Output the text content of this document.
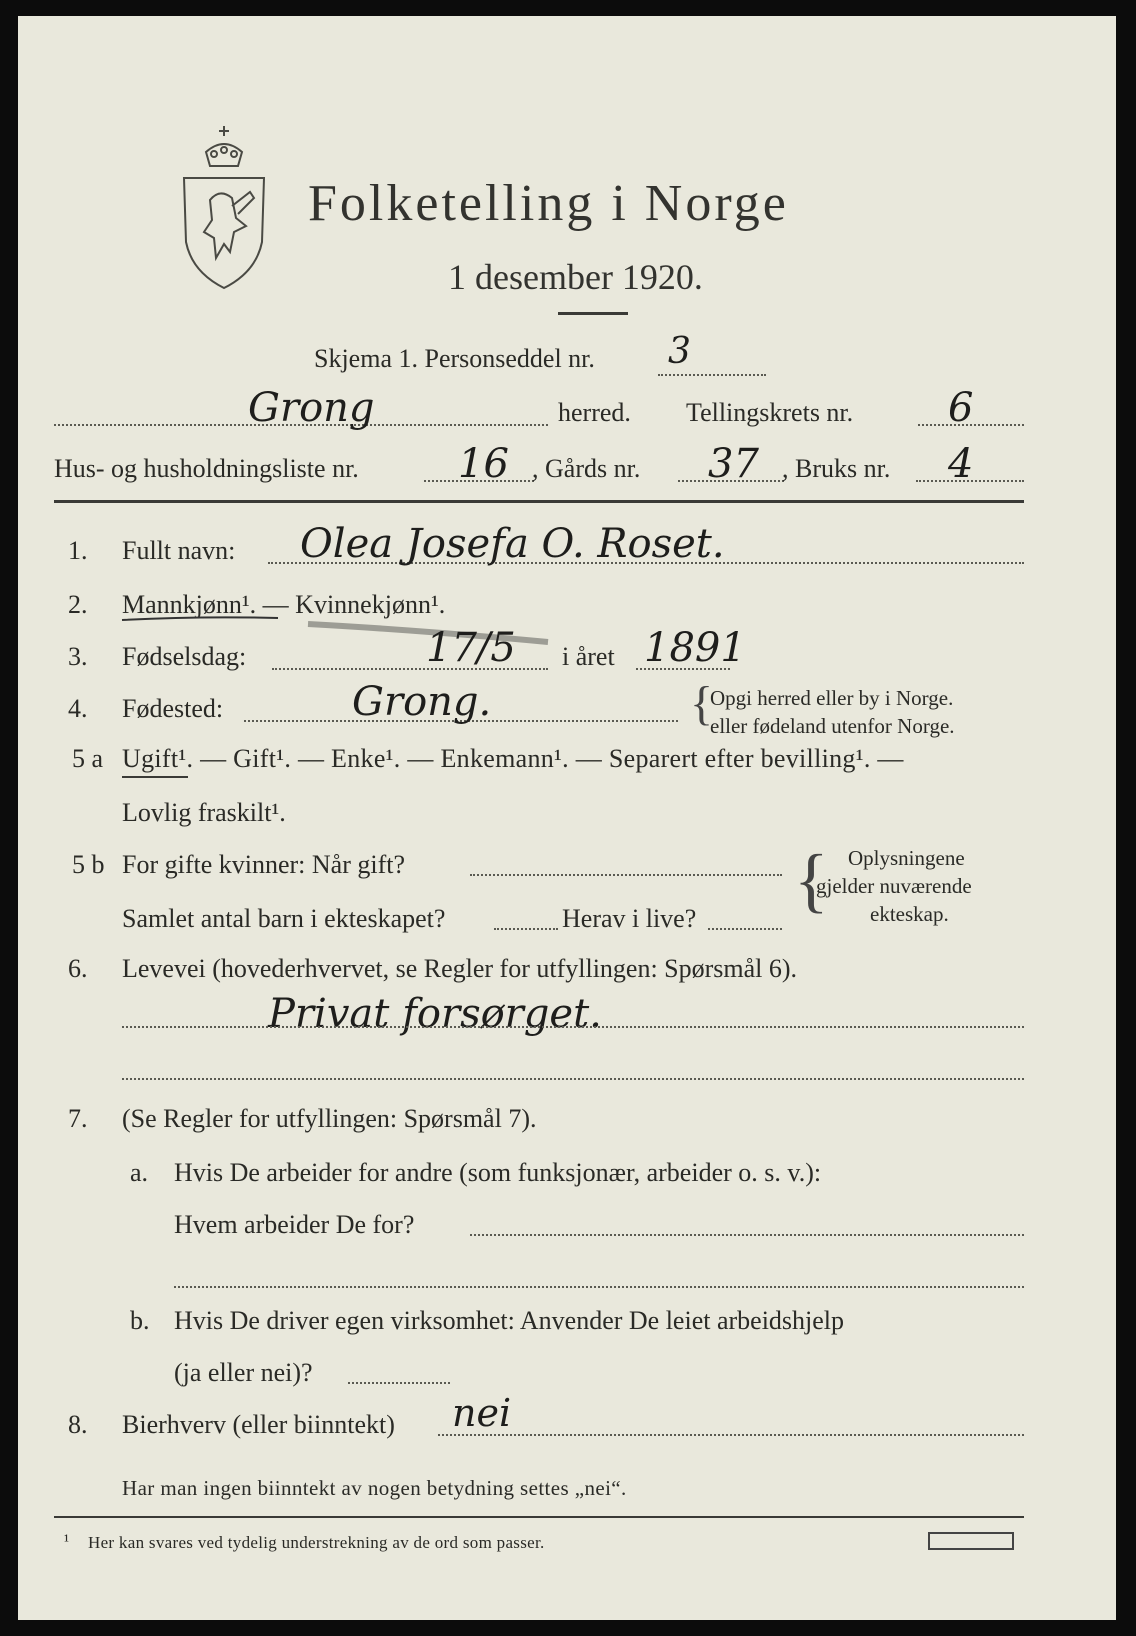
Folketelling i Norge
1 desember 1920.
Skjema 1. Personseddel nr. 3
Grong	herred. Tellingskrets nr. 6
Hus- og husholdningsliste nr. 16 , Gårds nr. 37 , Bruks nr. 4
1. Fullt navn: Olea Josefa O. Roset.
2. Mannkjønn¹. — Kvinnekjønn¹.
3. Fødselsdag:	17/5 i året 1891
4. Fødested:	Grong.	{
Opgi herred eller by i Norge.
eller fødeland utenfor Norge.
5 a Ugift¹. — Gift¹. — Enke¹. — Enkemann¹. — Separert efter bevilling¹. —
Lovlig fraskilt¹.
5 b For gifte kvinner: Når gift?
Samlet antal barn i ekteskapet?	Herav i live? { Oplysningene
gjelder nuværende
ekteskap.
6. Levevei (hovederhvervet, se Regler for utfyllingen: Spørsmål 6).
Privat forsørget.
7. (Se Regler for utfyllingen: Spørsmål 7).
a. Hvis De arbeider for andre (som funksjonær, arbeider o. s. v.):
Hvem arbeider De for?
b. Hvis De driver egen virksomhet: Anvender De leiet arbeidshjelp
(ja eller nei)?
8. Bierhverv (eller biinntekt) nei
Har man ingen biinntekt av nogen betydning settes „nei“.
¹ Her kan svares ved tydelig understrekning av de ord som passer.
